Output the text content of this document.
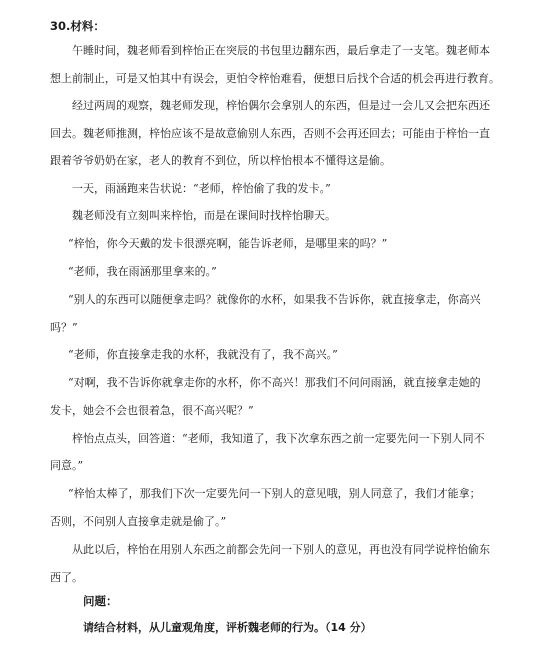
30.材料：
午睡时间，魏老师看到梓怡正在突辰的书包里边翻东西，最后拿走了一支笔。魏老师本
想上前制止，可是又怕其中有误会，更怕令梓怡难看，便想日后找个合适的机会再进行教育。
经过两周的观察，魏老师发现，梓怡偶尔会拿别人的东西，但是过一会儿又会把东西还
回去。魏老师推测，梓怡应该不是故意偷别人东西，否则不会再还回去；可能由于梓怡一直
跟着爷爷奶奶在家，老人的教育不到位，所以梓怡根本不懂得这是偷。
一天，雨涵跑来告状说：“老师，梓怡偷了我的发卡。”
魏老师没有立刻叫来梓怡，而是在课间时找梓怡聊天。
“梓怡，你今天戴的发卡很漂亮啊，能告诉老师，是哪里来的吗？”
“老师，我在雨涵那里拿来的。”
“别人的东西可以随便拿走吗？就像你的水杯，如果我不告诉你，就直接拿走，你高兴
吗？”
“老师，你直接拿走我的水杯，我就没有了，我不高兴。”
“对啊，我不告诉你就拿走你的水杯，你不高兴！那我们不问问雨涵，就直接拿走她的
发卡，她会不会也很着急，很不高兴呢？”
梓怡点点头，回答道：“老师，我知道了，我下次拿东西之前一定要先问一下别人同不
同意。”
“梓怡太棒了，那我们下次一定要先问一下别人的意见哦，别人同意了，我们才能拿；
否则，不问别人直接拿走就是偷了。”
从此以后，梓怡在用别人东西之前都会先问一下别人的意见，再也没有同学说梓怡偷东
西了。
问题：
请结合材料，从儿童观角度，评析魏老师的行为。（14 分）
